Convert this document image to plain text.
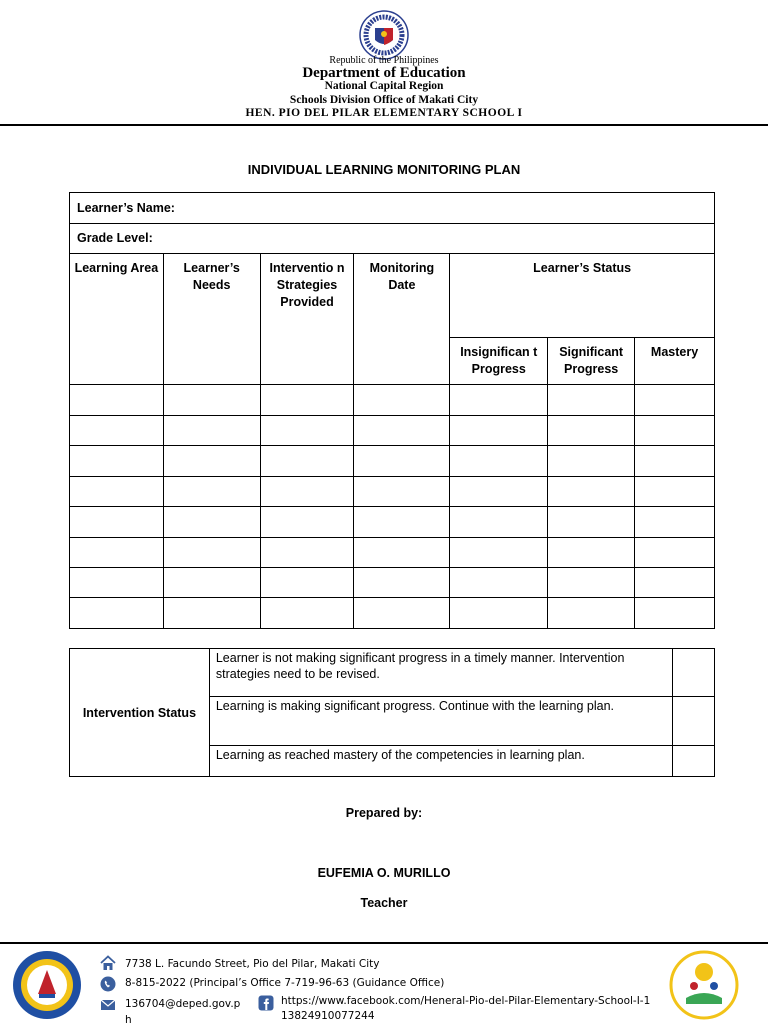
Republic of the Philippines
Department of Education
National Capital Region
Schools Division Office of Makati City
HEN. PIO DEL PILAR ELEMENTARY SCHOOL I
INDIVIDUAL LEARNING MONITORING PLAN
Learner’s Name:						
Grade Level:						
Learning Area	Learner’s Needs	Interventio n Strategies Provided	Monitoring Date	Learner’s Status		
				Insignifican t Progress	Significant Progress	Mastery

Intervention Status	Learner is not making significant progress in a timely manner. Intervention strategies need to be revised.	
	Learning is making significant progress. Continue with the learning plan.	
	Learning as reached mastery of the competencies in learning plan.	
Prepared by:
EUFEMIA O. MURILLO
Teacher
7738 L. Facundo Street, Pio del Pilar, Makati City
8-815-2022 (Principal’s Office 7-719-96-63 (Guidance Office)
136704@deped.gov.p h
https://www.facebook.com/Heneral-Pio-del-Pilar-Elementary-School-I-113824910077244
